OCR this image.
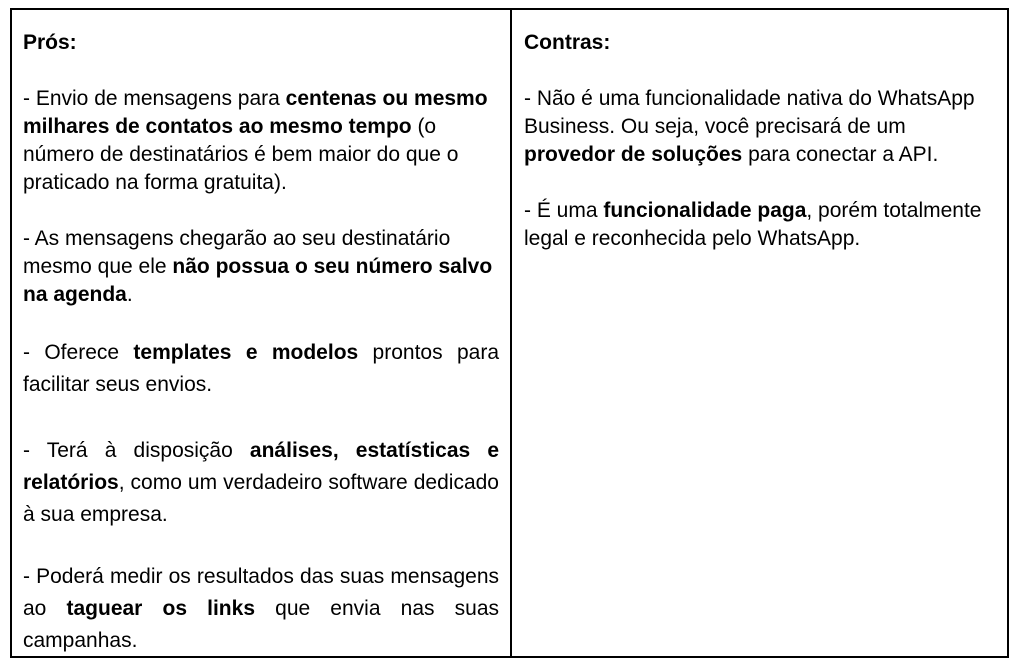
Prós:
- Envio de mensagens para centenas ou mesmo milhares de contatos ao mesmo tempo (o número de destinatários é bem maior do que o praticado na forma gratuita).
- As mensagens chegarão ao seu destinatário mesmo que ele não possua o seu número salvo na agenda.
- Oferece templates e modelos prontos para facilitar seus envios.
- Terá à disposição análises, estatísticas e relatórios, como um verdadeiro software dedicado à sua empresa.
- Poderá medir os resultados das suas mensagens ao taguear os links que envia nas suas campanhas.
Contras:
- Não é uma funcionalidade nativa do WhatsApp Business. Ou seja, você precisará de um provedor de soluções para conectar a API.
- É uma funcionalidade paga, porém totalmente legal e reconhecida pelo WhatsApp.
